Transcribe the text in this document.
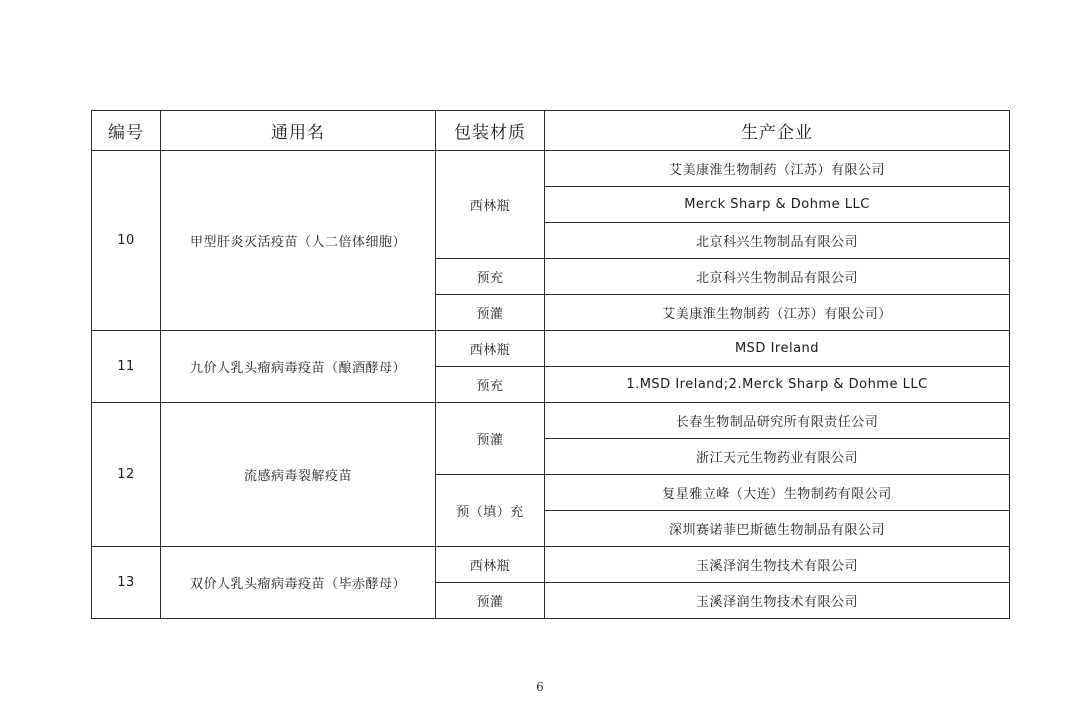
编号	通用名	包装材质	生产企业
10	甲型肝炎灭活疫苗（人二倍体细胞）	西林瓶	艾美康淮生物制药（江苏）有限公司
			Merck Sharp & Dohme LLC
			北京科兴生物制品有限公司
		预充	北京科兴生物制品有限公司
		预灌	艾美康淮生物制药（江苏）有限公司）
11	九价人乳头瘤病毒疫苗（酿酒酵母）	西林瓶	MSD Ireland
		预充	1.MSD Ireland;2.Merck Sharp & Dohme LLC
12	流感病毒裂解疫苗	预灌	长春生物制品研究所有限责任公司
			浙江天元生物药业有限公司
		预（填）充	复星雅立峰（大连）生物制药有限公司
			深圳赛诺菲巴斯德生物制品有限公司
13	双价人乳头瘤病毒疫苗（毕赤酵母）	西林瓶	玉溪泽润生物技术有限公司
		预灌	玉溪泽润生物技术有限公司
6
